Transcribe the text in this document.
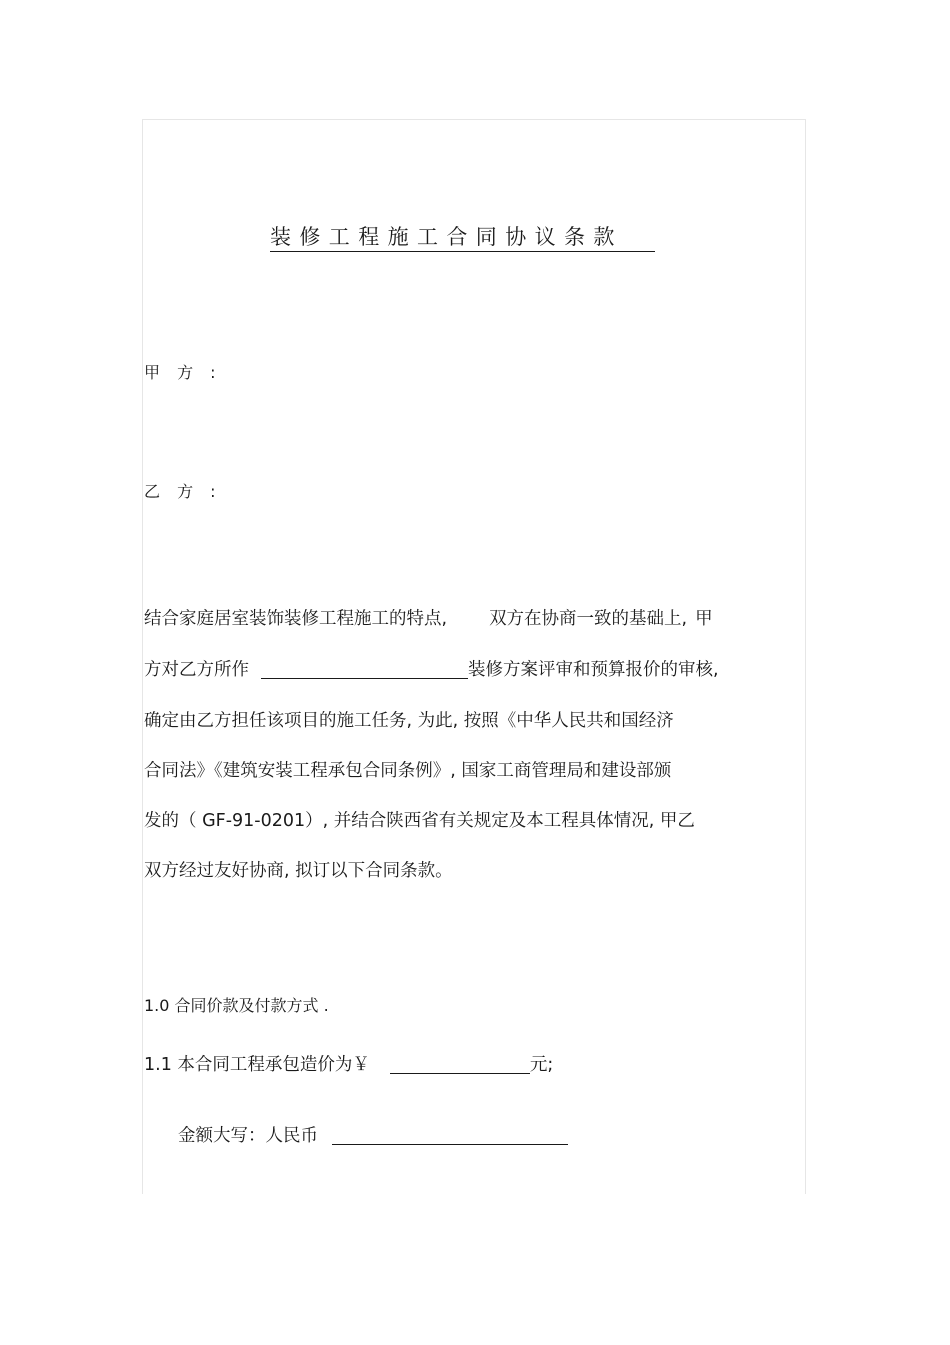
装修工程施工合同协议条款
甲 方 :
乙 方 :
结合家庭居室装饰装修工程施工的特点, 双方在协商一致的基础上, 甲
方对乙方所作	装修方案评审和预算报价的审核,
确定由乙方担任该项目的施工任务, 为此, 按照《中华人民共和国经济
合同法》《建筑安装工程承包合同条例》, 国家工商管理局和建设部颁
发的（ GF-91-0201）, 并结合陕西省有关规定及本工程具体情况, 甲乙
双方经过友好协商, 拟订以下合同条款。
1.0 合同价款及付款方式 .
1.1 本合同工程承包造价为￥	元;
金额大写：人民币
